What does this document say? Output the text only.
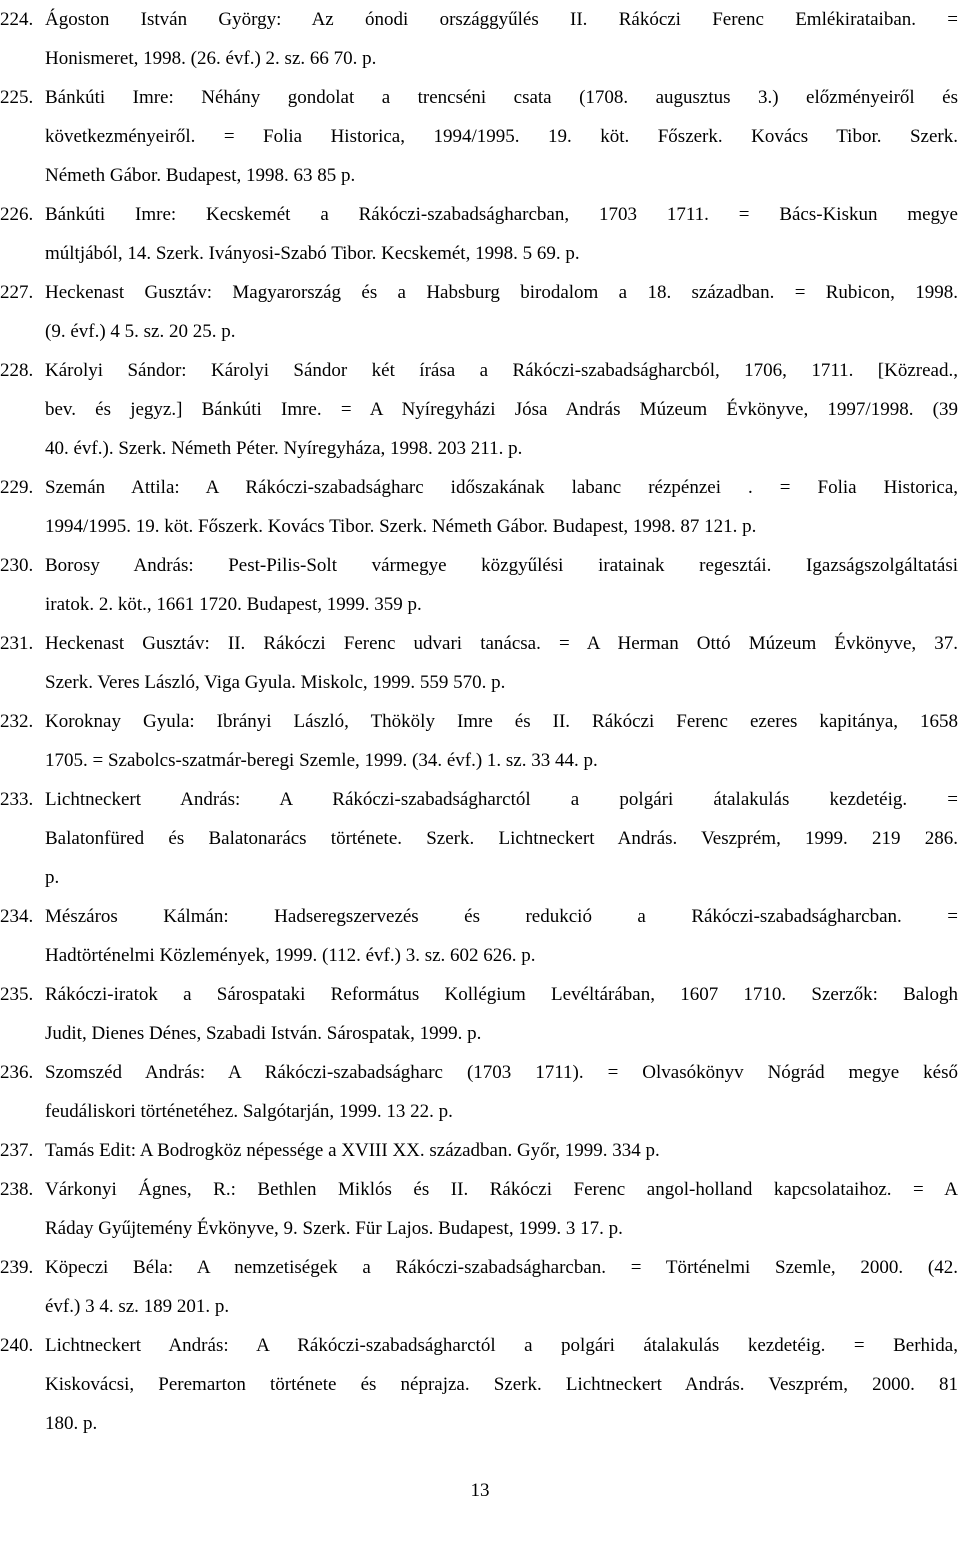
224. Ágoston István György: Az ónodi országgyűlés II. Rákóczi Ferenc Emlékirataiban. =
Honismeret, 1998. (26. évf.) 2. sz. 66 70. p.
225. Bánkúti Imre: Néhány gondolat a trencséni csata (1708. augusztus 3.) előzményeiről és
következményeiről. = Folia Historica, 1994/1995. 19. köt. Főszerk. Kovács Tibor. Szerk.
Németh Gábor. Budapest, 1998. 63 85 p.
226. Bánkúti Imre: Kecskemét a Rákóczi-szabadságharcban, 1703 1711. = Bács-Kiskun megye
múltjából, 14. Szerk. Iványosi-Szabó Tibor. Kecskemét, 1998. 5 69. p.
227. Heckenast Gusztáv: Magyarország és a Habsburg birodalom a 18. században. = Rubicon, 1998.
(9. évf.) 4 5. sz. 20 25. p.
228. Károlyi Sándor: Károlyi Sándor két írása a Rákóczi-szabadságharcból, 1706, 1711. [Közread.,
bev. és jegyz.] Bánkúti Imre. = A Nyíregyházi Jósa András Múzeum Évkönyve, 1997/1998. (39
40. évf.). Szerk. Németh Péter. Nyíregyháza, 1998. 203 211. p.
229. Szemán Attila: A Rákóczi-szabadságharc időszakának labanc rézpénzei . = Folia Historica,
1994/1995. 19. köt. Főszerk. Kovács Tibor. Szerk. Németh Gábor. Budapest, 1998. 87 121. p.
230. Borosy András: Pest-Pilis-Solt vármegye közgyűlési iratainak regesztái. Igazságszolgáltatási
iratok. 2. köt., 1661 1720. Budapest, 1999. 359 p.
231. Heckenast Gusztáv: II. Rákóczi Ferenc udvari tanácsa. = A Herman Ottó Múzeum Évkönyve, 37.
Szerk. Veres László, Viga Gyula. Miskolc, 1999. 559 570. p.
232. Koroknay Gyula: Ibrányi László, Thököly Imre és II. Rákóczi Ferenc ezeres kapitánya, 1658
1705. = Szabolcs-szatmár-beregi Szemle, 1999. (34. évf.) 1. sz. 33 44. p.
233. Lichtneckert András: A Rákóczi-szabadságharctól a polgári átalakulás kezdetéig. =
Balatonfüred és Balatonarács története. Szerk. Lichtneckert András. Veszprém, 1999. 219 286.
p.
234. Mészáros Kálmán: Hadseregszervezés és redukció a Rákóczi-szabadságharcban. =
Hadtörténelmi Közlemények, 1999. (112. évf.) 3. sz. 602 626. p.
235. Rákóczi-iratok a Sárospataki Református Kollégium Levéltárában, 1607 1710. Szerzők: Balogh
Judit, Dienes Dénes, Szabadi István. Sárospatak, 1999. p.
236. Szomszéd András: A Rákóczi-szabadságharc (1703 1711). = Olvasókönyv Nógrád megye késő
feudáliskori történetéhez. Salgótarján, 1999. 13 22. p.
237. Tamás Edit: A Bodrogköz népessége a XVIII XX. században. Győr, 1999. 334 p.
238. Várkonyi Ágnes, R.: Bethlen Miklós és II. Rákóczi Ferenc angol-holland kapcsolataihoz. = A
Ráday Gyűjtemény Évkönyve, 9. Szerk. Für Lajos. Budapest, 1999. 3 17. p.
239. Köpeczi Béla: A nemzetiségek a Rákóczi-szabadságharcban. = Történelmi Szemle, 2000. (42.
évf.) 3 4. sz. 189 201. p.
240. Lichtneckert András: A Rákóczi-szabadságharctól a polgári átalakulás kezdetéig. = Berhida,
Kiskovácsi, Peremarton története és néprajza. Szerk. Lichtneckert András. Veszprém, 2000. 81
180. p.
13
